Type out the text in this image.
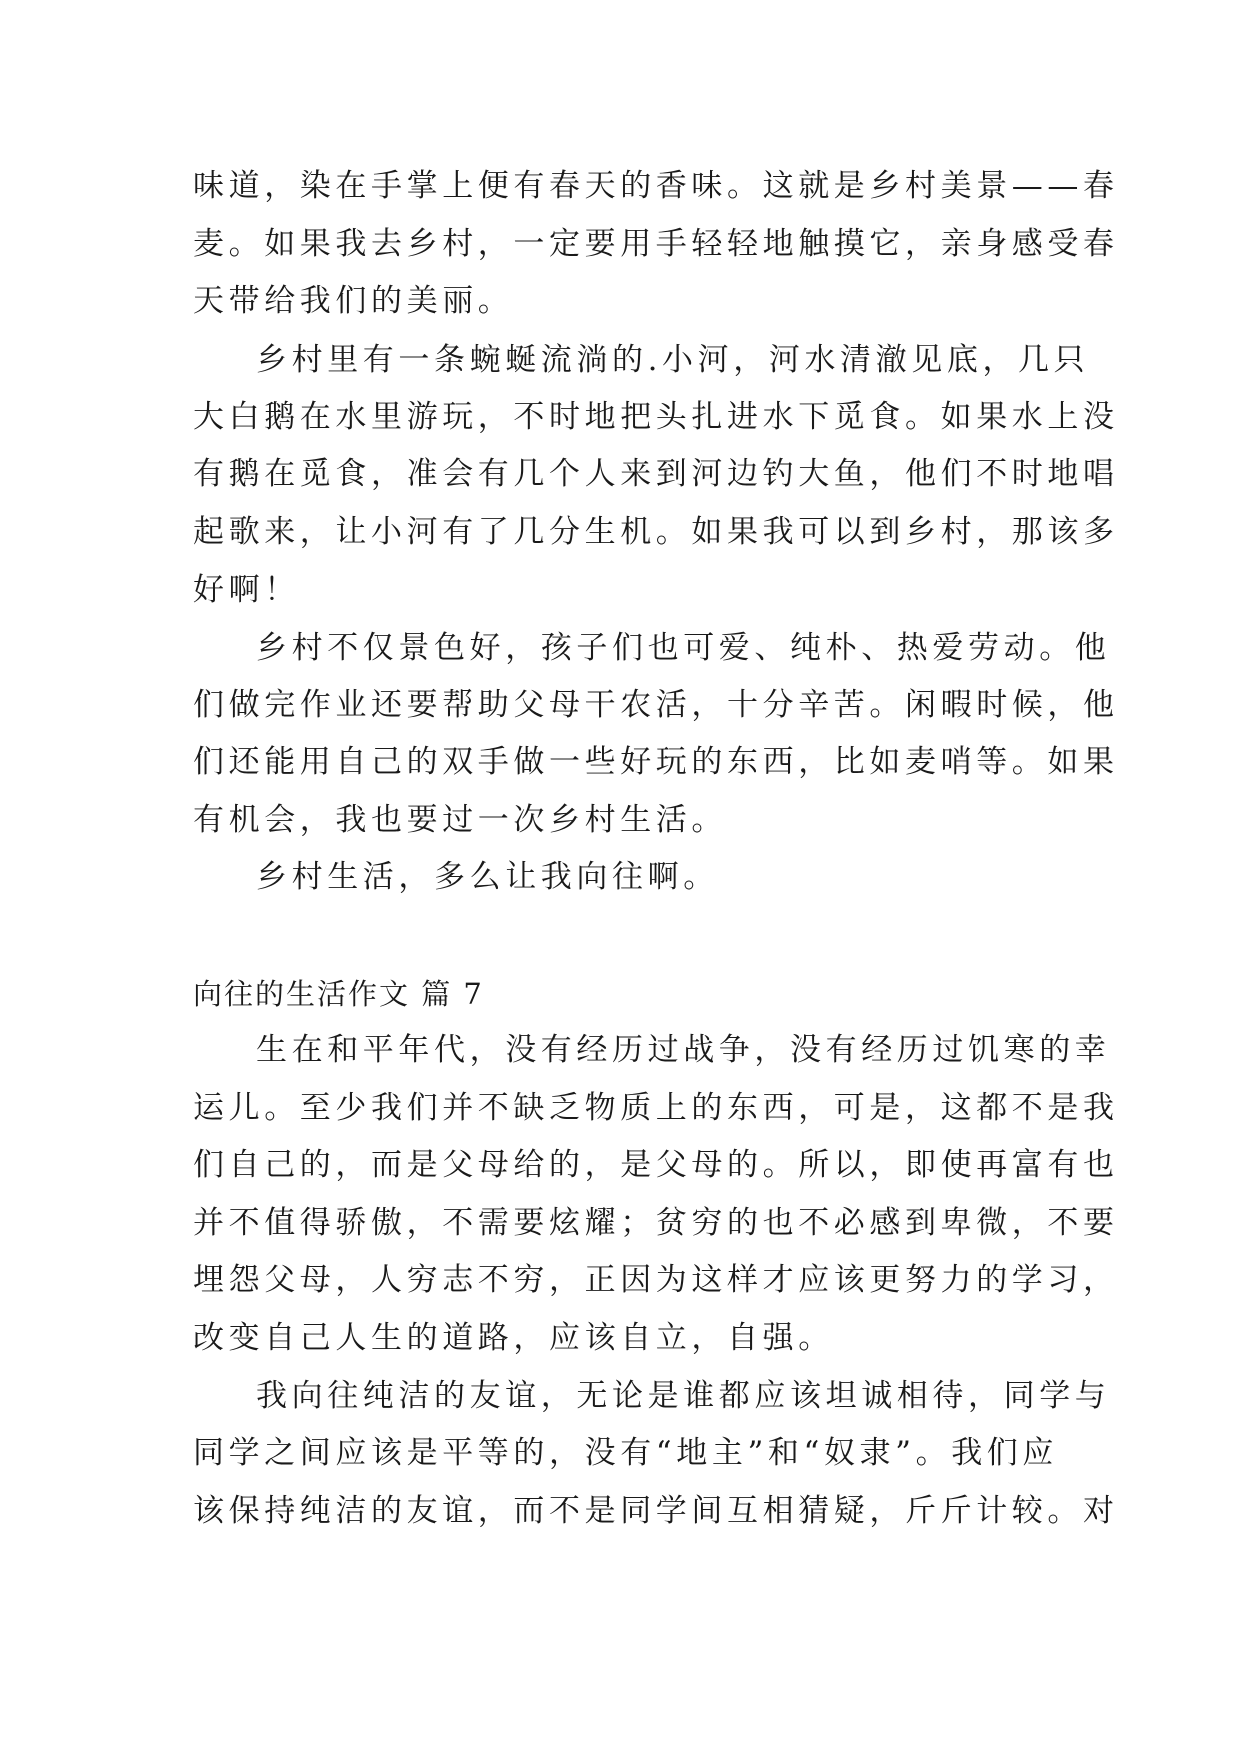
味道，染在手掌上便有春天的香味。这就是乡村美景——春
麦。如果我去乡村，一定要用手轻轻地触摸它，亲身感受春
天带给我们的美丽。
乡村里有一条蜿蜒流淌的.小河，河水清澈见底，几只
大白鹅在水里游玩，不时地把头扎进水下觅食。如果水上没
有鹅在觅食，准会有几个人来到河边钓大鱼，他们不时地唱
起歌来，让小河有了几分生机。如果我可以到乡村，那该多
好啊！
乡村不仅景色好，孩子们也可爱、纯朴、热爱劳动。他
们做完作业还要帮助父母干农活，十分辛苦。闲暇时候，他
们还能用自己的双手做一些好玩的东西，比如麦哨等。如果
有机会，我也要过一次乡村生活。
乡村生活，多么让我向往啊。
向往的生活作文 篇 7
生在和平年代，没有经历过战争，没有经历过饥寒的幸
运儿。至少我们并不缺乏物质上的东西，可是，这都不是我
们自己的，而是父母给的，是父母的。所以，即使再富有也
并不值得骄傲，不需要炫耀；贫穷的也不必感到卑微，不要
埋怨父母，人穷志不穷，正因为这样才应该更努力的学习，
改变自己人生的道路，应该自立，自强。
我向往纯洁的友谊，无论是谁都应该坦诚相待，同学与
同学之间应该是平等的，没有“地主”和“奴隶”。我们应
该保持纯洁的友谊，而不是同学间互相猜疑，斤斤计较。对
